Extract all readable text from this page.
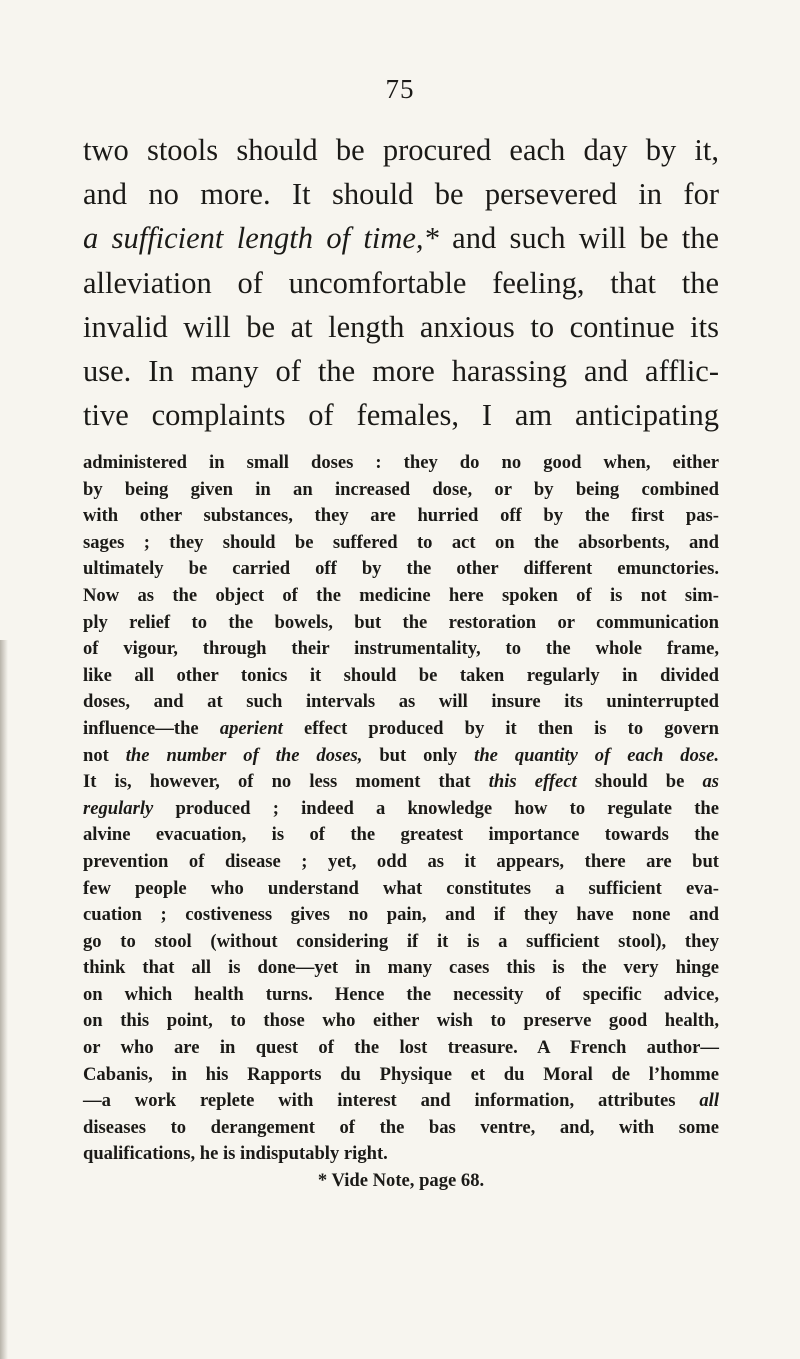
75
two stools should be procured each day by it,
and no more. It should be persevered in for
a sufficient length of time,* and such will be the
alleviation of uncomfortable feeling, that the
invalid will be at length anxious to continue its
use. In many of the more harassing and afflic-
tive complaints of females, I am anticipating
administered in small doses : they do no good when, either
by being given in an increased dose, or by being combined
with other substances, they are hurried off by the first pas-
sages ; they should be suffered to act on the absorbents, and
ultimately be carried off by the other different emunctories.
Now as the object of the medicine here spoken of is not sim-
ply relief to the bowels, but the restoration or communication
of vigour, through their instrumentality, to the whole frame,
like all other tonics it should be taken regularly in divided
doses, and at such intervals as will insure its uninterrupted
influence—the aperient effect produced by it then is to govern
not the number of the doses, but only the quantity of each dose.
It is, however, of no less moment that this effect should be as
regularly produced ; indeed a knowledge how to regulate the
alvine evacuation, is of the greatest importance towards the
prevention of disease ; yet, odd as it appears, there are but
few people who understand what constitutes a sufficient eva-
cuation ; costiveness gives no pain, and if they have none and
go to stool (without considering if it is a sufficient stool), they
think that all is done—yet in many cases this is the very hinge
on which health turns. Hence the necessity of specific advice,
on this point, to those who either wish to preserve good health,
or who are in quest of the lost treasure. A French author—
Cabanis, in his Rapports du Physique et du Moral de l’homme
—a work replete with interest and information, attributes all
diseases to derangement of the bas ventre, and, with some
qualifications, he is indisputably right.
* Vide Note, page 68.
